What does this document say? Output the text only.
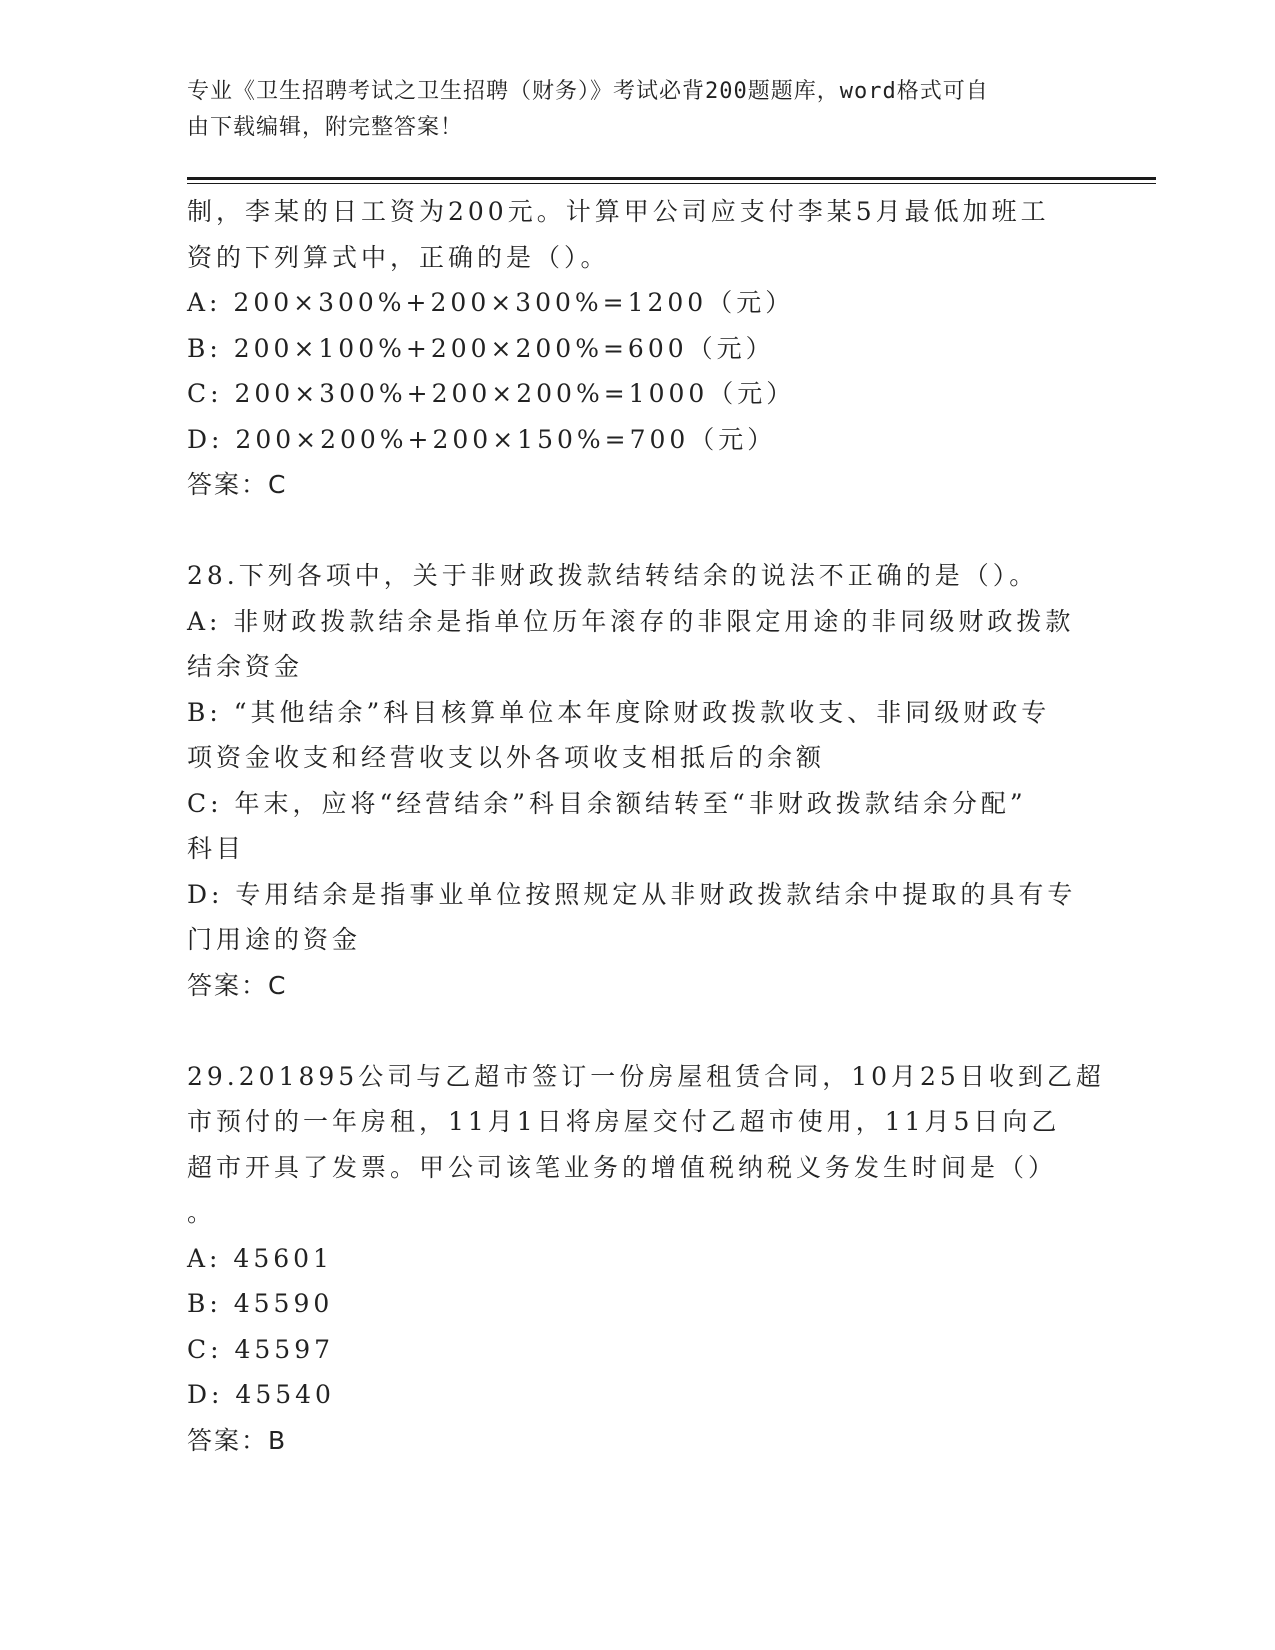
专业《卫生招聘考试之卫生招聘（财务）》考试必背200题题库，word格式可自
由下载编辑，附完整答案！
制，李某的日工资为200元。计算甲公司应支付李某5月最低加班工
资的下列算式中，正确的是（）。
A: 200×300%+200×300%=1200（元）
B: 200×100%+200×200%=600（元）
C: 200×300%+200×200%=1000（元）
D: 200×200%+200×150%=700（元）
答案：C
28.下列各项中，关于非财政拨款结转结余的说法不正确的是（）。
A: 非财政拨款结余是指单位历年滚存的非限定用途的非同级财政拨款
结余资金
B: “其他结余”科目核算单位本年度除财政拨款收支、非同级财政专
项资金收支和经营收支以外各项收支相抵后的余额
C: 年末，应将“经营结余”科目余额结转至“非财政拨款结余分配”
科目
D: 专用结余是指事业单位按照规定从非财政拨款结余中提取的具有专
门用途的资金
答案：C
29.201895公司与乙超市签订一份房屋租赁合同，10月25日收到乙超
市预付的一年房租，11月1日将房屋交付乙超市使用，11月5日向乙
超市开具了发票。甲公司该笔业务的增值税纳税义务发生时间是（）
。
A: 45601
B: 45590
C: 45597
D: 45540
答案：B
